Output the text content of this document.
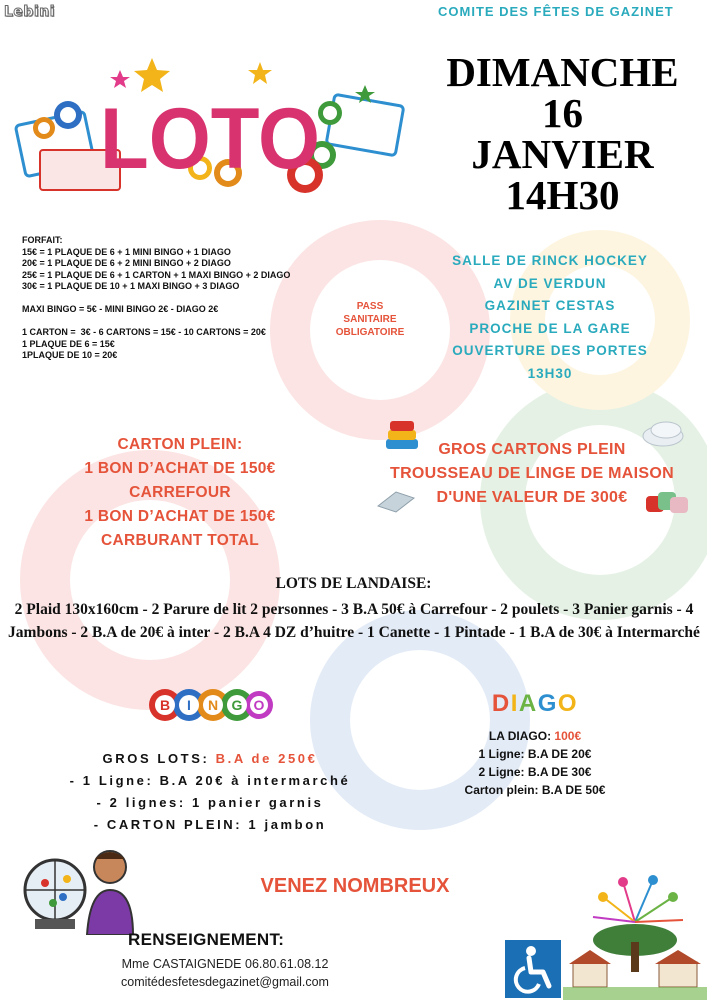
Lebini	COMITE DES FÊTES DE GAZINET
LOTO
DIMANCHE
16
JANVIER
14H30
FORFAIT:
15€ = 1 PLAQUE DE 6 + 1 MINI BINGO + 1 DIAGO
20€ = 1 PLAQUE DE 6 + 2 MINI BINGO + 2 DIAGO
25€ = 1 PLAQUE DE 6 + 1 CARTON + 1 MAXI BINGO + 2 DIAGO
30€ = 1 PLAQUE DE 10 + 1 MAXI BINGO + 3 DIAGO

MAXI BINGO = 5€ - MINI BINGO 2€ - DIAGO 2€

1 CARTON =  3€ - 6 CARTONS = 15€ - 10 CARTONS = 20€
1 PLAQUE DE 6 = 15€
1PLAQUE DE 10 = 20€
PASS
SANITAIRE
OBLIGATOIRE
SALLE DE RINCK HOCKEY
AV DE VERDUN
GAZINET CESTAS
PROCHE DE LA GARE
OUVERTURE DES PORTES
13H30
CARTON PLEIN:
1 BON D’ACHAT DE 150€
CARREFOUR
1 BON D’ACHAT DE 150€
CARBURANT TOTAL
GROS CARTONS PLEIN
TROUSSEAU DE LINGE DE MAISON
D'UNE VALEUR DE 300€
LOTS DE LANDAISE:
2 Plaid 130x160cm - 2 Parure de lit 2 personnes - 3 B.A 50€ à Carrefour - 2 poulets - 3 Panier garnis - 4 Jambons - 2 B.A de 20€ à inter - 2 B.A 4 DZ d’huitre - 1 Canette - 1 Pintade - 1 B.A de 30€ à Intermarché
B I N G O
GROS LOTS: B.A de 250€
- 1 Ligne: B.A 20€ à intermarché
- 2 lignes: 1 panier garnis
- CARTON PLEIN: 1 jambon
DIAGO
LA DIAGO: 100€
1 Ligne: B.A DE 20€
2 Ligne: B.A DE 30€
Carton plein: B.A DE 50€
VENEZ NOMBREUX
RENSEIGNEMENT:
Mme CASTAIGNEDE 06.80.61.08.12
comitédesfetesdegazinet@gmail.com
